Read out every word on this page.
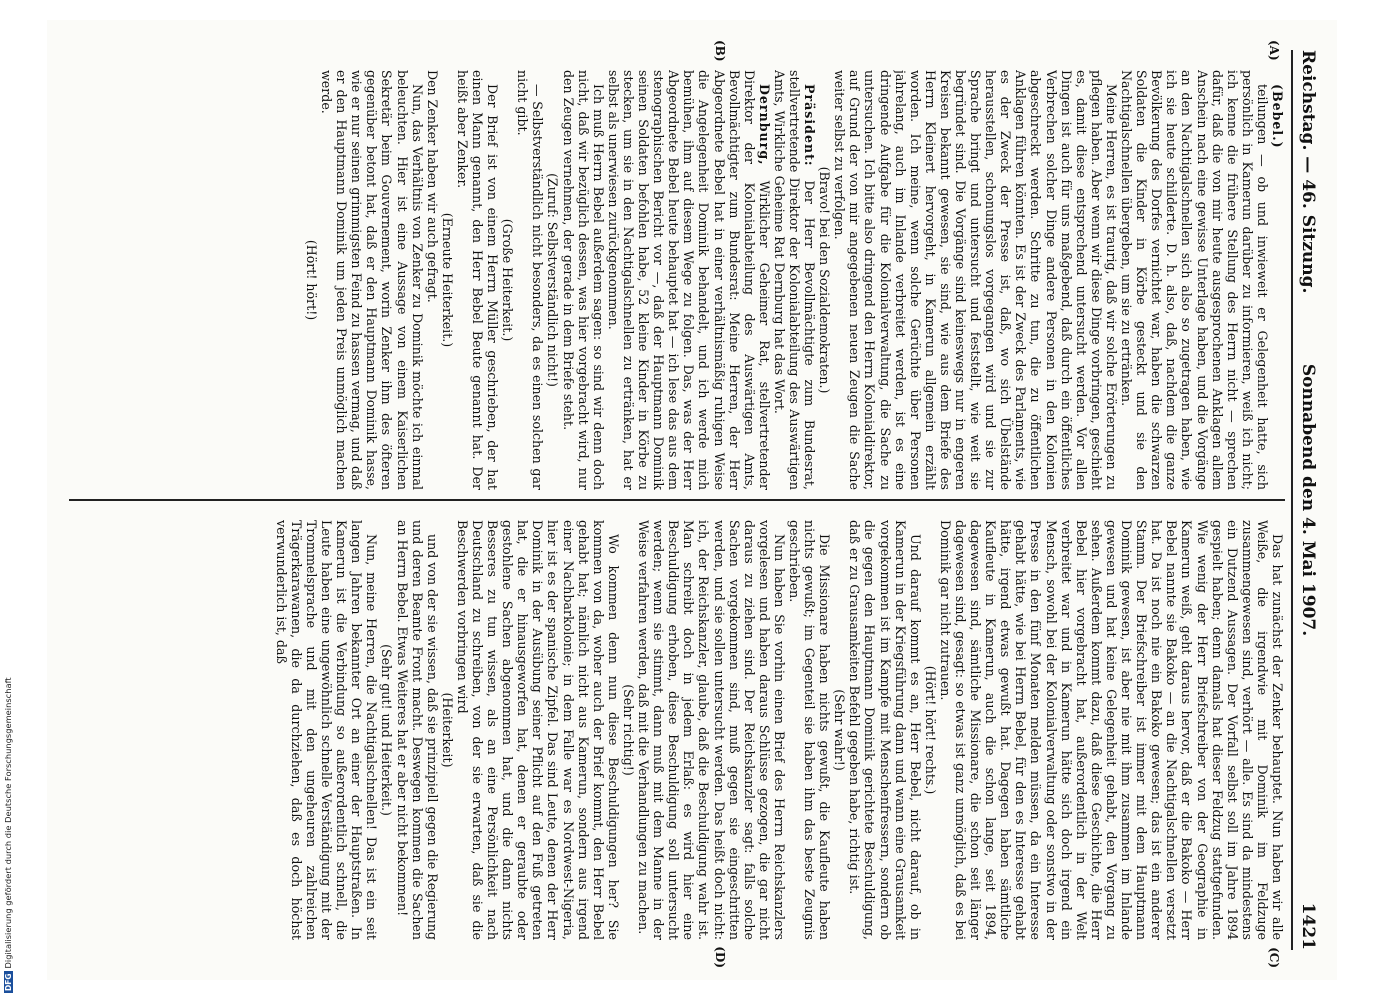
Reichstag. — 46. Sitzung.
Sonnabend den 4. Mai 1907.
1421
(A)
(B)
(C)
(D)

(Bebel.)

teilungen — ob und inwieweit er Gelegenheit hatte, sich persönlich in Kamerun darüber zu informieren, weiß ich nicht; ich kenne die frühere Stellung des Herrn nicht — sprechen dafür, daß die von mir heute ausgesprochenen Anklagen allem Anschein nach eine gewisse Unterlage haben, und die Vorgänge an den Nachtigalschnellen sich also so zugetragen haben, wie ich sie heute schilderte. D. h. also, daß, nachdem die ganze Bevölkerung des Dorfes vernichtet war, haben die schwarzen Soldaten die Kinder in Körbe gesteckt und sie den Nachtigalschnellen übergeben, um sie zu ertränken.

Meine Herren, es ist traurig, daß wir solche Erörterungen zu pflegen haben. Aber wenn wir diese Dinge vorbringen, geschieht es, damit diese entsprechend untersucht werden. Vor allen Dingen ist auch für uns maßgebend, daß durch ein öffentliches Verbrechen solcher Dinge andere Personen in den Kolonien abgeschreckt werden. Schritte zu tun, die zu öffentlichen Anklagen führen könnten. Es ist der Zweck des Parlaments, wie es der Zweck der Presse ist, daß, wo sich Übelstände herausstellen, schonungslos vorgegangen wird und sie zur Sprache bringt und untersucht und feststellt, wie weit sie begründet sind. Die Vorgänge sind keineswegs nur in engeren Kreisen bekannt gewesen, sie sind, wie aus dem Briefe des Herrn Kleinert hervorgeht, in Kamerun allgemein erzählt worden. Ich meine, wenn solche Gerüchte über Personen jahrelang, auch im Inlande verbreitet werden, ist es eine dringende Aufgabe für die Kolonialverwaltung, die Sache zu untersuchen. Ich bitte also dringend den Herrn Kolonialdirektor, auf Grund der von mir angegebenen neuen Zeugen die Sache weiter selbst zu verfolgen.

(Bravo! bei den Sozialdemokraten.)

Präsident: Der Herr Bevollmächtigte zum Bundesrat, stellvertretende Direktor der Kolonialabteilung des Auswärtigen Amts, Wirkliche Geheime Rat Dernburg hat das Wort.

Dernburg, Wirklicher Geheimer Rat, stellvertretender Direktor der Kolonialabteilung des Auswärtigen Amts, Bevollmächtigter zum Bundesrat: Meine Herren, der Herr Abgeordnete Bebel hat in einer verhältnismäßig ruhigen Weise die Angelegenheit Dominik behandelt, und ich werde mich bemühen, ihm auf diesem Wege zu folgen. Das, was der Herr Abgeordnete Bebel heute behauptet hat — ich lese das aus dem stenographischen Bericht vor —, daß der Hauptmann Dominik seinen Soldaten befohlen habe, 52 kleine Kinder in Körbe zu stecken, um sie in den Nachtigalschnellen zu ertränken, hat er selbst als unerwiesen zurückgenommen.

Ich muß Herrn Bebel außerdem sagen: so sind wir denn doch nicht, daß wir bezüglich dessen, was hier vorgebracht wird, nur den Zeugen vernehmen, der gerade in dem Briefe steht.

(Zuruf: Selbstverständlich nicht!)

— Selbstverständlich nicht besonders, da es einen solchen gar nicht gibt.

(Große Heiterkeit.)

Der Brief ist von einem Herrn Müller geschrieben, der hat einen Mann genannt, den Herr Bebel Beute genannt hat. Der heißt aber Zenker.

(Erneute Heiterkeit.)

Den Zenker haben wir auch gefragt.

Nun, das Verhältnis von Zenker zu Dominik möchte ich einmal beleuchten. Hier ist eine Aussage von einem Kaiserlichen Sekretär beim Gouvernement, worin Zenker ihm des öfteren gegenüber betont hat, daß er den Hauptmann Dominik hasse, wie er nur seinen grimmigsten Feind zu hassen vermag, und daß er den Hauptmann Dominik um jeden Preis unmöglich machen werde.

(Hört! hört!)

Das hat zunächst der Zenker behauptet. Nun haben wir alle Weiße, die irgendwie mit Dominik im Feldzuge zusammengewesen sind, verhört — alle. Es sind da mindestens ein Dutzend Aussagen. Der Vorfall selbst soll im Jahre 1894 gespielt haben; denn damals hat dieser Feldzug stattgefunden. Wie wenig der Herr Briefschreiber von der Geographie in Kamerun weiß, geht daraus hervor, daß er die Bakoko — Herr Bebel nannte sie Bakoko — an die Nachtigalschnellen versetzt hat. Da ist noch nie ein Bakoko gewesen; das ist ein anderer Stamm. Der Briefschreiber ist immer mit dem Hauptmann Dominik gewesen, ist aber nie mit ihm zusammen im Inlande gewesen und hat keine Gelegenheit gehabt, den Vorgang zu sehen. Außerdem kommt dazu, daß diese Geschichte, die Herr Bebel hier vorgebracht hat, außerordentlich in der Welt verbreitet war und in Kamerun hätte sich doch irgend ein Mensch, sowohl bei der Kolonialverwaltung oder sonstwo in der Presse in den fünf Monaten melden müssen, da ein Interesse gehabt hätte, wie bei Herrn Bebel, für den es Interesse gehabt hätte, irgend etwas gewußt hat. Dagegen haben sämtliche Kaufleute in Kamerun, auch die schon lange, seit 1894, dagewesen sind, sämtliche Missionare, die schon seit länger dagewesen sind, gesagt: so etwas ist ganz unmöglich, daß es bei Dominik gar nicht zutrauen.

(Hört! hört! rechts.)

Und darauf kommt es an, Herr Bebel, nicht darauf, ob in Kamerun in der Kriegsführung dann und wann eine Grausamkeit vorgekommen ist im Kampfe mit Menschenfressern, sondern ob die gegen den Hauptmann Dominik gerichtete Beschuldigung, daß er zu Grausamkeiten Befehl gegeben habe, richtig ist.

(Sehr wahr!)

Die Missionare haben nichts gewußt, die Kaufleute haben nichts gewußt; im Gegenteil sie haben ihm das beste Zeugnis geschrieben.

Nun haben Sie vorhin einen Brief des Herrn Reichskanzlers vorgelesen und haben daraus Schlüsse gezogen, die gar nicht daraus zu ziehen sind. Der Reichskanzler sagt: falls solche Sachen vorgekommen sind, muß gegen sie eingeschritten werden, und sie sollen untersucht werden. Das heißt doch nicht: ich, der Reichskanzler, glaube, daß die Beschuldigung wahr ist. Man schreibt doch in jedem Erlaß: es wird hier eine Beschuldigung erhoben, diese Beschuldigung soll untersucht werden; wenn sie stimmt, dann muß mit dem Manne in der Weise verfahren werden, daß mit die Verhandlungen zu machen.

(Sehr richtig!)

Wo kommen denn nun diese Beschuldigungen her? Sie kommen von da, woher auch der Brief kommt, den Herr Bebel gehabt hat; nämlich nicht aus Kamerun, sondern aus irgend einer Nachbarkolonie; in dem Falle war es Nordwest-Nigeria, hier ist es der spanische Zipfel. Das sind Leute, denen der Herr Dominik in der Ausübung seiner Pflicht auf den Fuß getreten hat, die er hinausgeworfen hat, denen er geraubte oder gestohlene Sachen abgenommen hat, und die dann nichts Besseres zu tun wissen, als an eine Persönlichkeit nach Deutschland zu schreiben, von der sie erwarten, daß sie die Beschwerden vorbringen wird

(Heiterkeit)

und von der sie wissen, daß sie prinzipiell gegen die Regierung und deren Beamte Front macht. Deswegen kommen die Sachen an Herrn Bebel. Etwas Weiteres hat er aber nicht bekommen!

(Sehr gut! und Heiterkeit.)

Nun, meine Herren, die Nachtigalschnellen! Das ist ein seit langen Jahren bekannter Ort an einer der Hauptstraßen. In Kamerun ist die Verbindung so außerordentlich schnell, die Leute haben eine ungewöhnlich schnelle Verständigung mit der Trommelsprache und mit den ungeheuren zahlreichen Trägerkarawanen, die da durchziehen, daß es doch höchst verwunderlich ist, daß

DFGDigitalisierung gefördert durch die Deutsche Forschungsgemeinschaft
